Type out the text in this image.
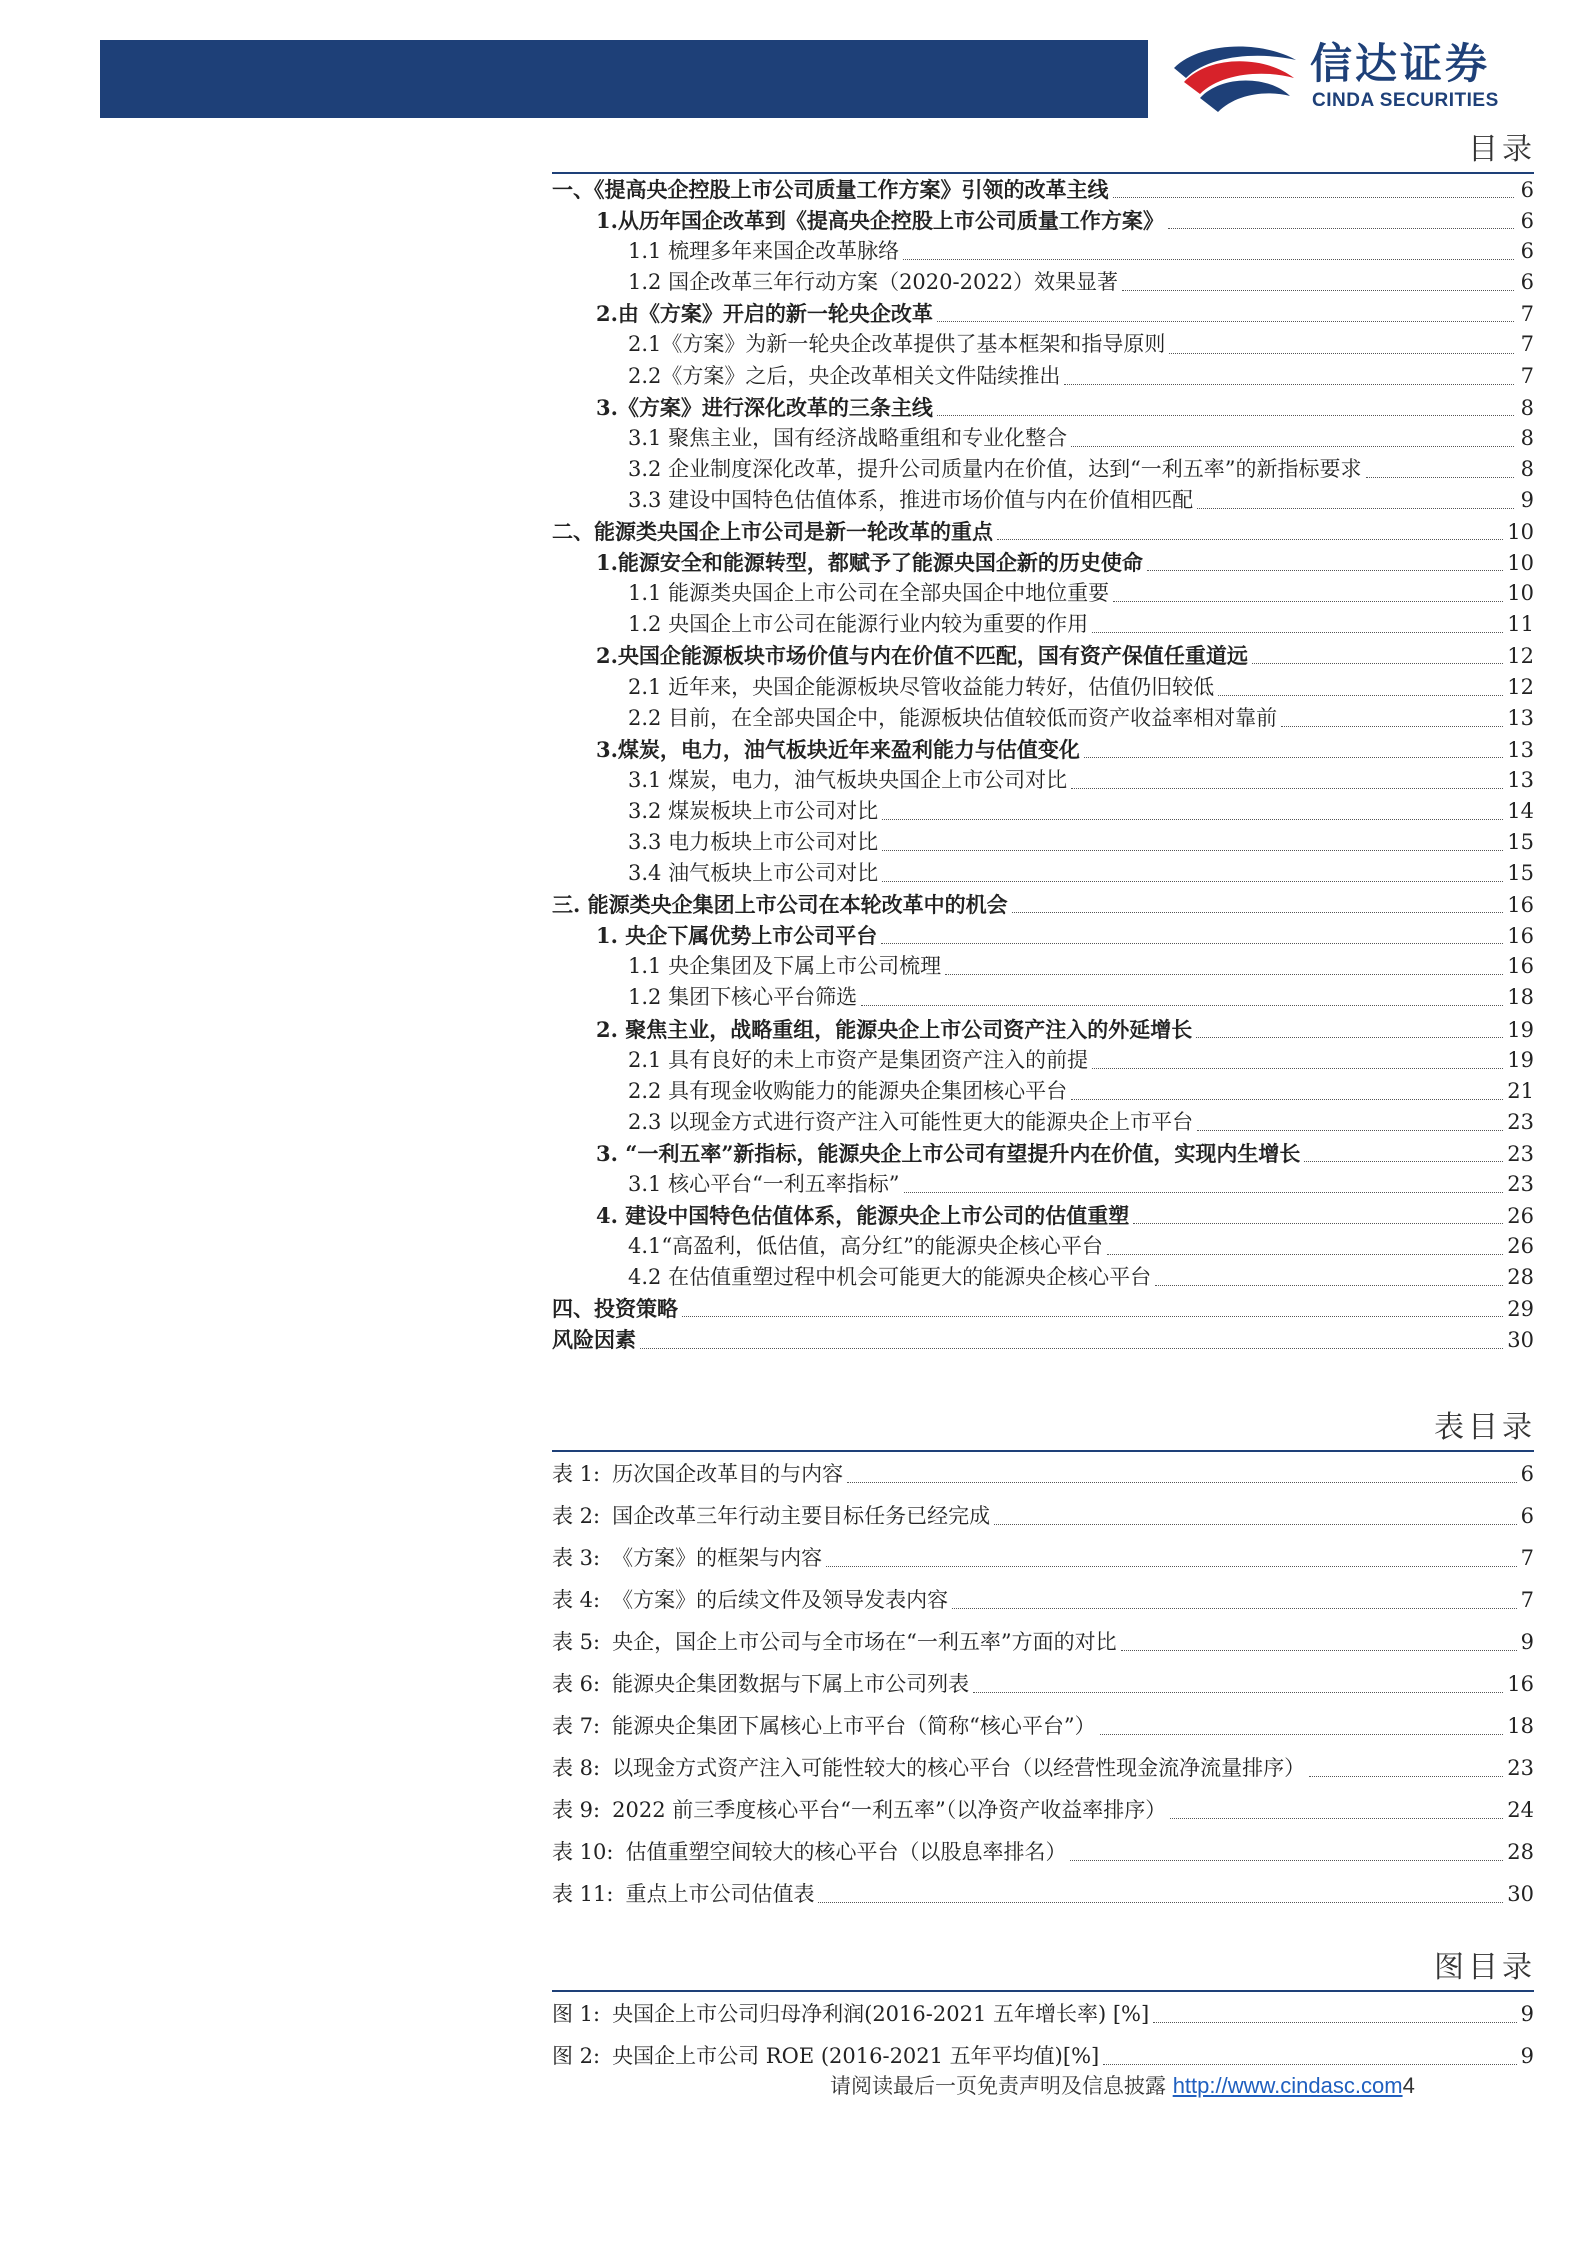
信达证券
CINDA SECURITIES
目录
一、《提高央企控股上市公司质量工作方案》引领的改革主线	6
1.从历年国企改革到《提高央企控股上市公司质量工作方案》	6
1.1 梳理多年来国企改革脉络	6
1.2 国企改革三年行动方案（2020-2022）效果显著	6
2.由《方案》开启的新一轮央企改革	7
2.1《方案》为新一轮央企改革提供了基本框架和指导原则	7
2.2《方案》之后，央企改革相关文件陆续推出	7
3.《方案》进行深化改革的三条主线	8
3.1 聚焦主业，国有经济战略重组和专业化整合	8
3.2 企业制度深化改革，提升公司质量内在价值，达到“一利五率”的新指标要求	8
3.3 建设中国特色估值体系，推进市场价值与内在价值相匹配	9
二、能源类央国企上市公司是新一轮改革的重点	10
1.能源安全和能源转型，都赋予了能源央国企新的历史使命	10
1.1 能源类央国企上市公司在全部央国企中地位重要	10
1.2 央国企上市公司在能源行业内较为重要的作用	11
2.央国企能源板块市场价值与内在价值不匹配，国有资产保值任重道远	12
2.1 近年来，央国企能源板块尽管收益能力转好，估值仍旧较低	12
2.2 目前，在全部央国企中，能源板块估值较低而资产收益率相对靠前	13
3.煤炭，电力，油气板块近年来盈利能力与估值变化	13
3.1 煤炭，电力，油气板块央国企上市公司对比	13
3.2 煤炭板块上市公司对比	14
3.3 电力板块上市公司对比	15
3.4 油气板块上市公司对比	15
三. 能源类央企集团上市公司在本轮改革中的机会	16
1. 央企下属优势上市公司平台	16
1.1 央企集团及下属上市公司梳理	16
1.2 集团下核心平台筛选	18
2. 聚焦主业，战略重组，能源央企上市公司资产注入的外延增长	19
2.1 具有良好的未上市资产是集团资产注入的前提	19
2.2 具有现金收购能力的能源央企集团核心平台	21
2.3 以现金方式进行资产注入可能性更大的能源央企上市平台	23
3. “一利五率”新指标，能源央企上市公司有望提升内在价值，实现内生增长	23
3.1 核心平台“一利五率指标”	23
4. 建设中国特色估值体系，能源央企上市公司的估值重塑	26
4.1“高盈利，低估值，高分红”的能源央企核心平台	26
4.2 在估值重塑过程中机会可能更大的能源央企核心平台	28
四、投资策略	29
风险因素	30
表目录
表 1: 历次国企改革目的与内容	6
表 2: 国企改革三年行动主要目标任务已经完成	6
表 3: 《方案》的框架与内容	7
表 4: 《方案》的后续文件及领导发表内容	7
表 5: 央企，国企上市公司与全市场在“一利五率”方面的对比	9
表 6: 能源央企集团数据与下属上市公司列表	16
表 7: 能源央企集团下属核心上市平台（简称“核心平台”）	18
表 8: 以现金方式资产注入可能性较大的核心平台（以经营性现金流净流量排序）	23
表 9: 2022 前三季度核心平台“一利五率”（以净资产收益率排序）	24
表 10: 估值重塑空间较大的核心平台（以股息率排名）	28
表 11: 重点上市公司估值表	30
图目录
图 1: 央国企上市公司归母净利润(2016-2021 五年增长率) [%]	9
图 2: 央国企上市公司 ROE (2016-2021 五年平均值)[%]	9
请阅读最后一页免责声明及信息披露 http://www.cindasc.com4
